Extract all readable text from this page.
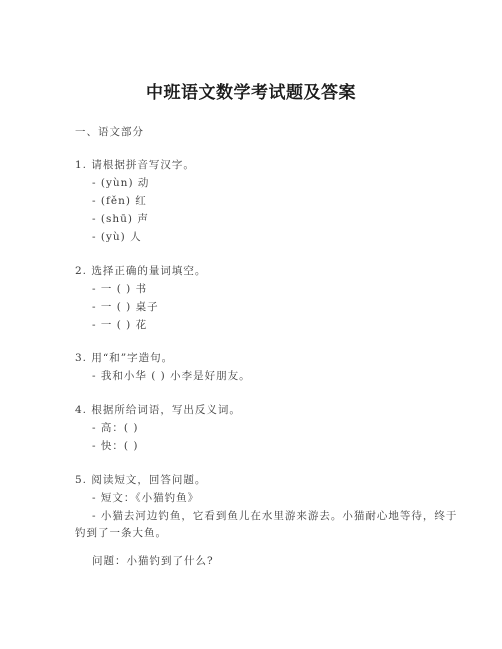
中班语文数学考试题及答案
一、语文部分
1. 请根据拼音写汉字。
- (yùn) 动
- (fěn) 红
- (shū) 声
- (yù) 人
2. 选择正确的量词填空。
- 一 ( ) 书
- 一 ( ) 桌子
- 一 ( ) 花
3. 用“和”字造句。
- 我和小华 ( ) 小李是好朋友。
4. 根据所给词语，写出反义词。
- 高：( )
- 快：( )
5. 阅读短文，回答问题。
- 短文：《小猫钓鱼》
- 小猫去河边钓鱼，它看到鱼儿在水里游来游去。小猫耐心地等待，终于钓到了一条大鱼。
问题：小猫钓到了什么?
